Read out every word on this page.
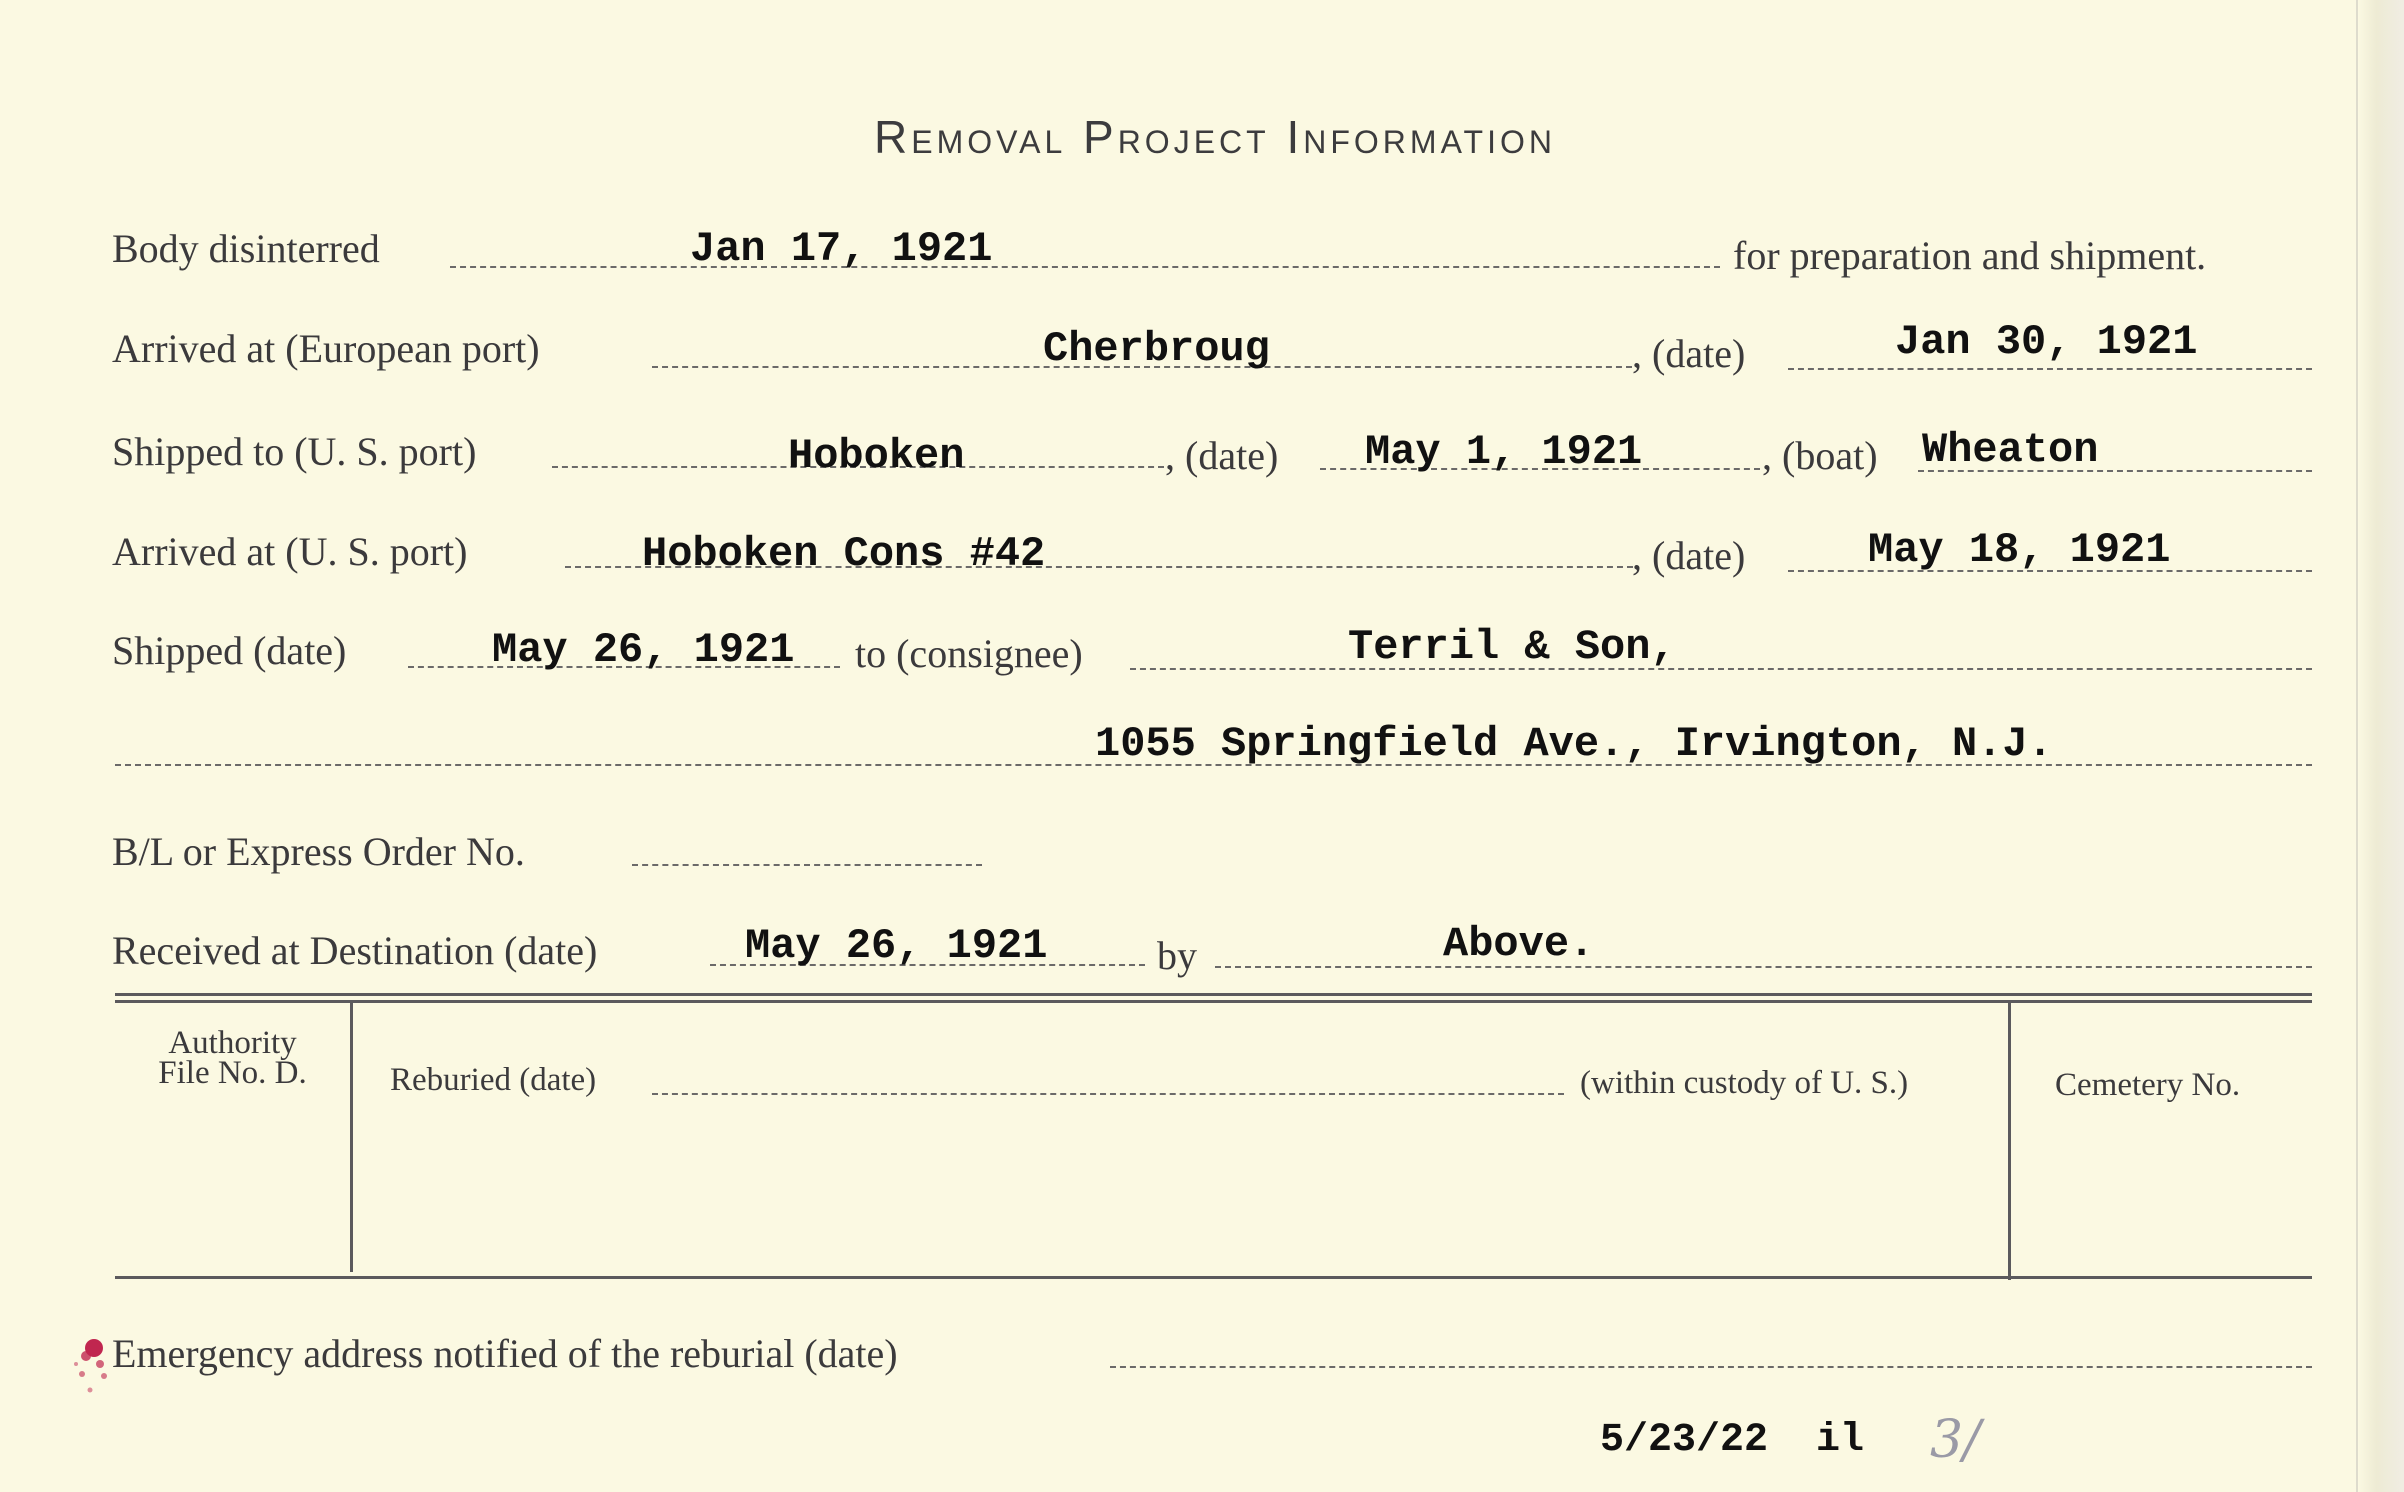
Removal Project Information
Body disinterred	Jan 17, 1921	for preparation and shipment.
Arrived at (European port)	Cherbroug	, (date)	Jan 30, 1921
Shipped to (U. S. port)	Hoboken	, (date) May 1, 1921	, (boat) Wheaton
Arrived at (U. S. port)	Hoboken Cons #42	, (date)	May 18, 1921
Shipped (date)	May 26, 1921 to (consignee)	Terril & Son,
1055 Springfield Ave., Irvington, N.J.
B/L or Express Order No.
Received at Destination (date)	May 26, 1921	by	Above.
Authority
File No. D.	Reburied (date)	(within custody of U. S.)	Cemetery No.
Emergency address notified of the reburial (date)
5/23/22  il 3/
